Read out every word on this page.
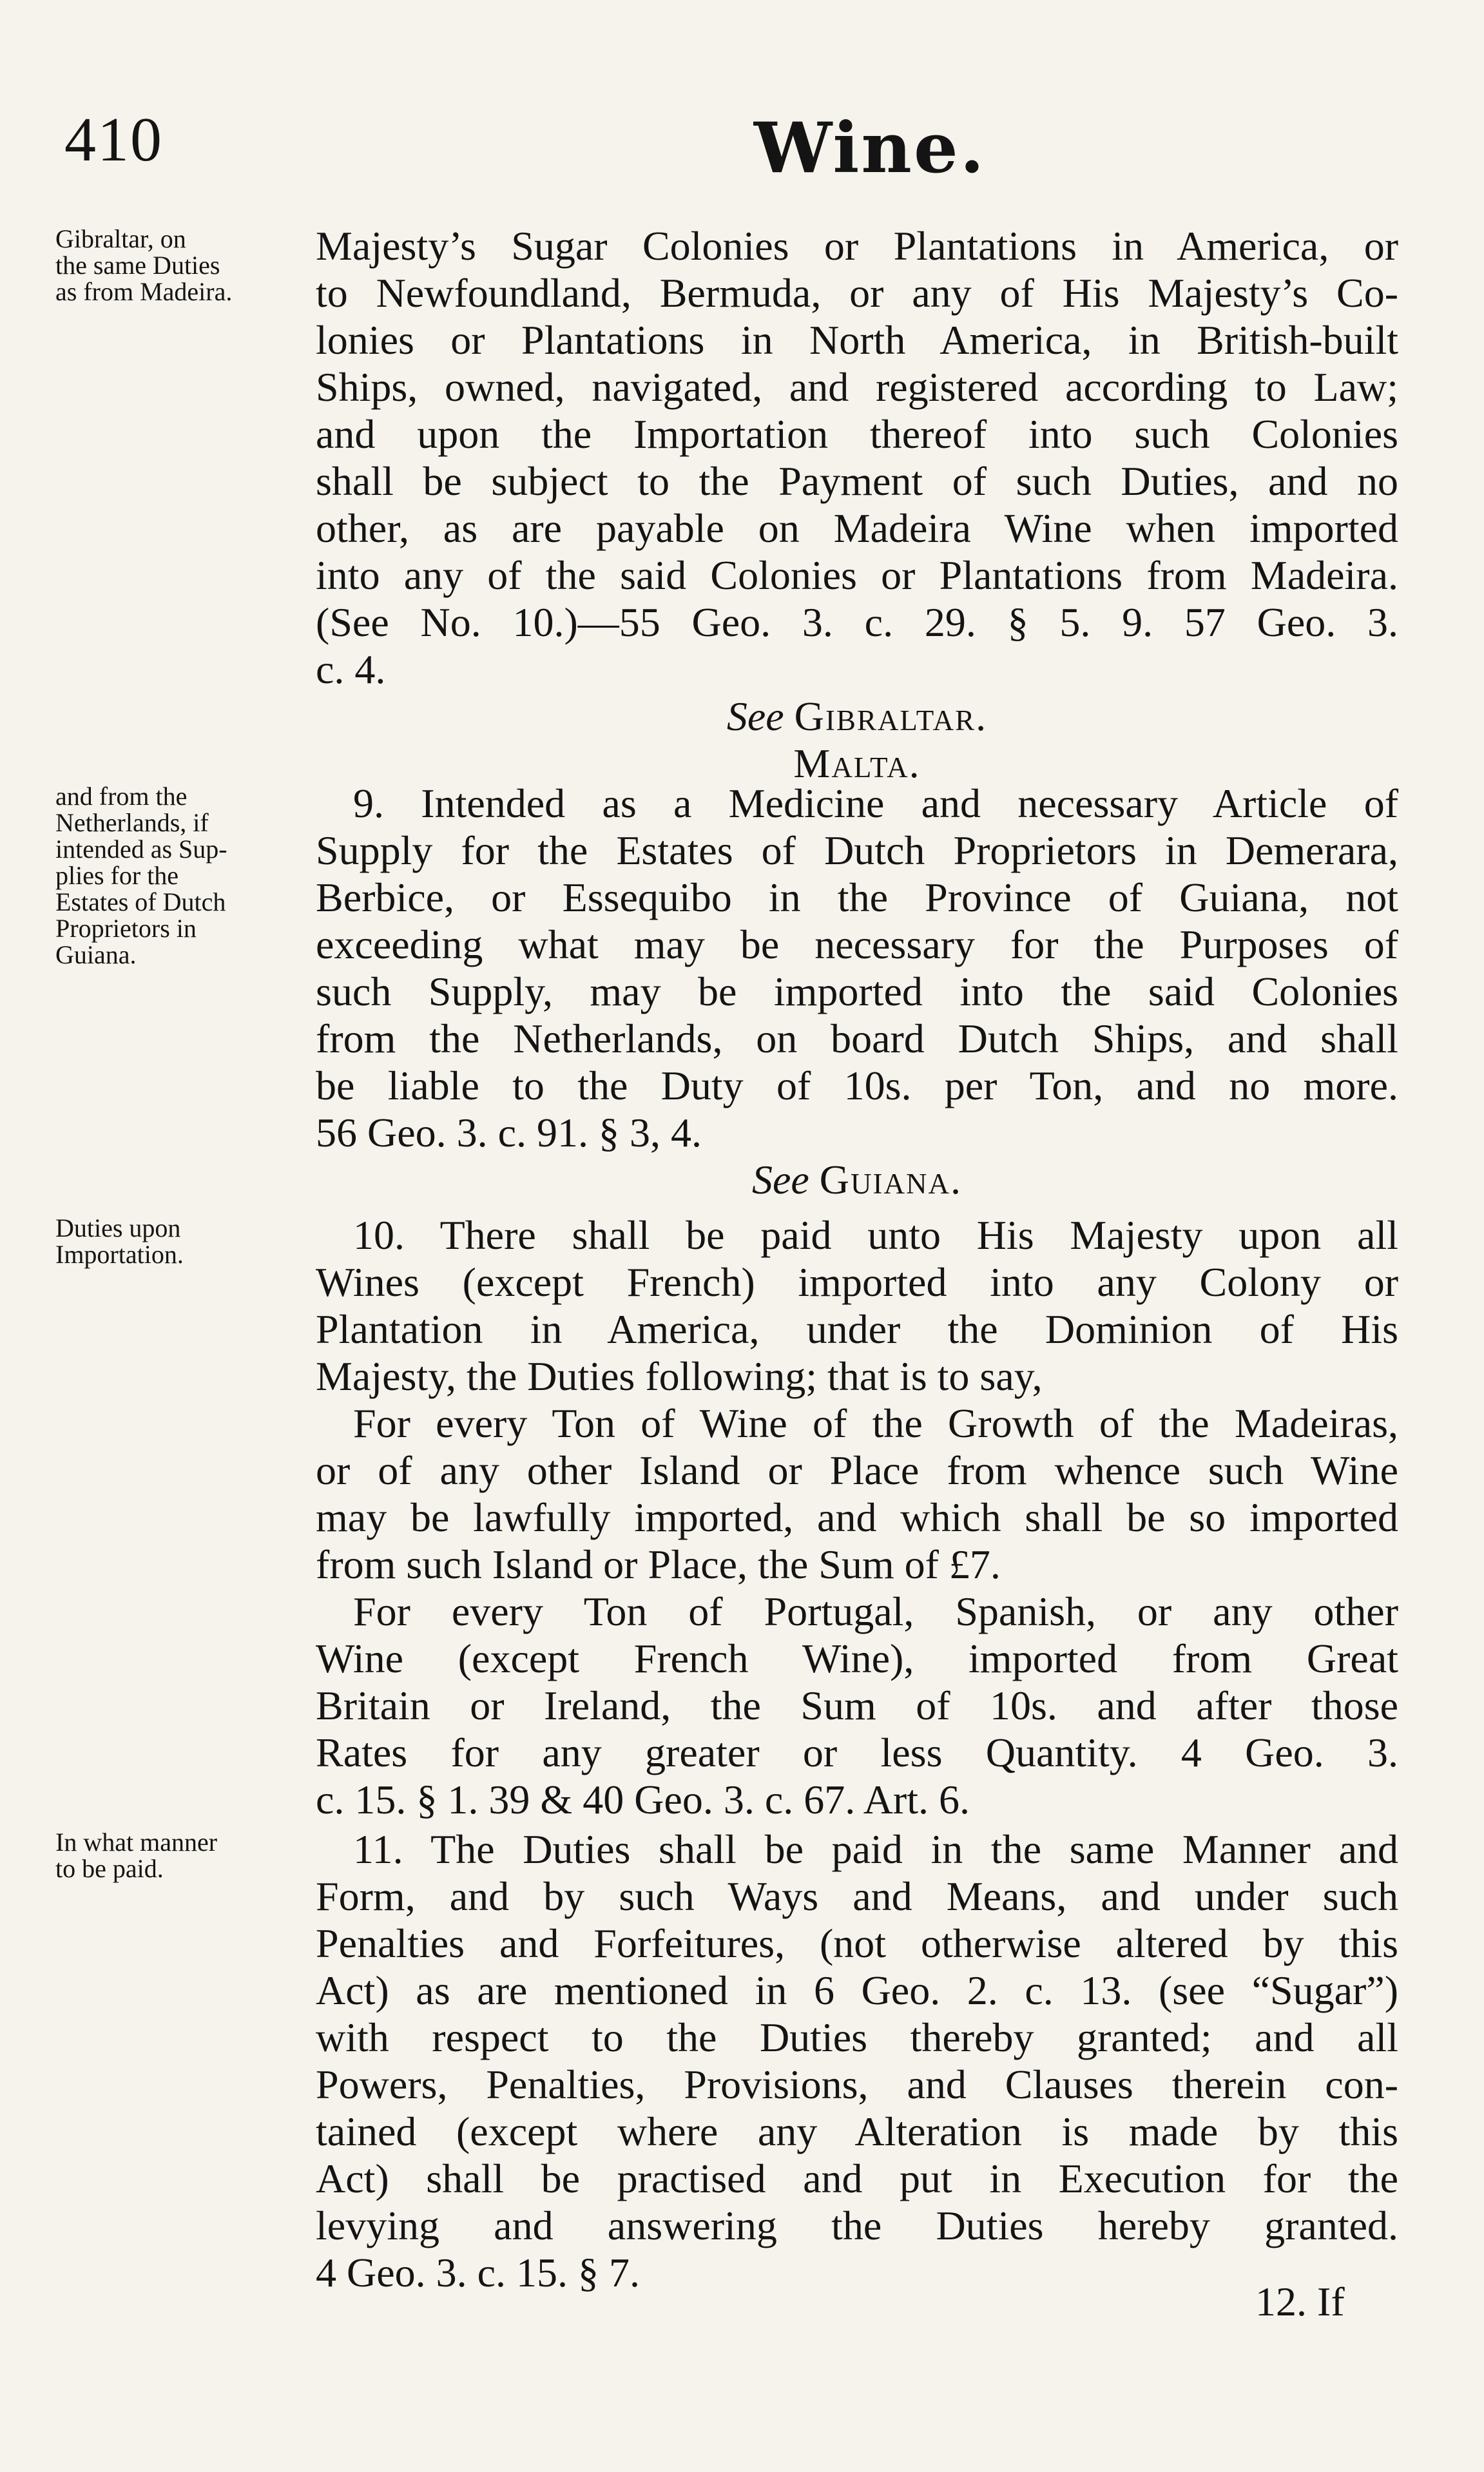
410	Wine.
Gibraltar, on
the same Duties
as from Madeira.
and from the
Netherlands, if
intended as Sup-
plies for the
Estates of Dutch
Proprietors in
Guiana.
Duties upon
Importation.
In what manner
to be paid.
Majesty’s Sugar Colonies or Plantations in America, or
to Newfoundland, Bermuda, or any of His Majesty’s Co-
lonies or Plantations in North America, in British-built
Ships, owned, navigated, and registered according to Law;
and upon the Importation thereof into such Colonies
shall be subject to the Payment of such Duties, and no
other, as are payable on Madeira Wine when imported
into any of the said Colonies or Plantations from Madeira.
(See No. 10.)—55 Geo. 3. c. 29. § 5. 9. 57 Geo. 3.
c. 4.
See Gibraltar.
Malta.
9. Intended as a Medicine and necessary Article of
Supply for the Estates of Dutch Proprietors in Demerara,
Berbice, or Essequibo in the Province of Guiana, not
exceeding what may be necessary for the Purposes of
such Supply, may be imported into the said Colonies
from the Netherlands, on board Dutch Ships, and shall
be liable to the Duty of 10s. per Ton, and no more.
56 Geo. 3. c. 91. § 3, 4.
See Guiana.
10. There shall be paid unto His Majesty upon all
Wines (except French) imported into any Colony or
Plantation in America, under the Dominion of His
Majesty, the Duties following; that is to say,
For every Ton of Wine of the Growth of the Madeiras,
or of any other Island or Place from whence such Wine
may be lawfully imported, and which shall be so imported
from such Island or Place, the Sum of £7.
For every Ton of Portugal, Spanish, or any other
Wine (except French Wine), imported from Great
Britain or Ireland, the Sum of 10s. and after those
Rates for any greater or less Quantity. 4 Geo. 3.
c. 15. § 1. 39 & 40 Geo. 3. c. 67. Art. 6.
11. The Duties shall be paid in the same Manner and
Form, and by such Ways and Means, and under such
Penalties and Forfeitures, (not otherwise altered by this
Act) as are mentioned in 6 Geo. 2. c. 13. (see “Sugar”)
with respect to the Duties thereby granted; and all
Powers, Penalties, Provisions, and Clauses therein con-
tained (except where any Alteration is made by this
Act) shall be practised and put in Execution for the
levying and answering the Duties hereby granted.
4 Geo. 3. c. 15. § 7.
12. If
